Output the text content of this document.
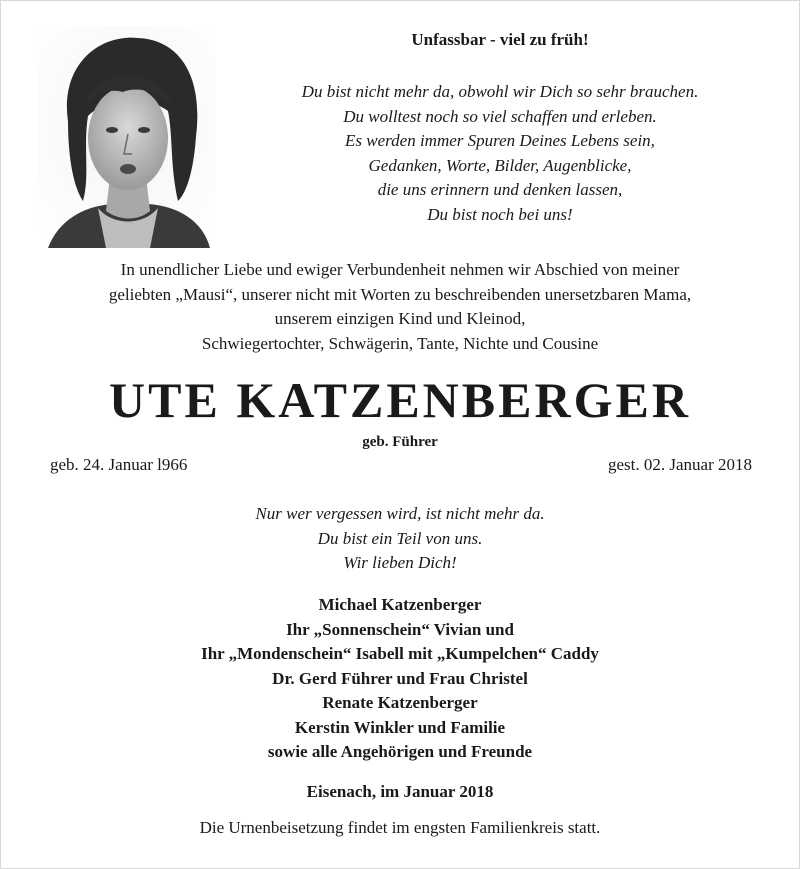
Unfassbar - viel zu früh!
Du bist nicht mehr da, obwohl wir Dich so sehr brauchen.
Du wolltest noch so viel schaffen und erleben.
Es werden immer Spuren Deines Lebens sein,
Gedanken, Worte, Bilder, Augenblicke,
die uns erinnern und denken lassen,
Du bist noch bei uns!
In unendlicher Liebe und ewiger Verbundenheit nehmen wir Abschied von meiner
geliebten „Mausi“, unserer nicht mit Worten zu beschreibenden unersetzbaren Mama,
unserem einzigen Kind und Kleinod,
Schwiegertochter, Schwägerin, Tante, Nichte und Cousine
UTE KATZENBERGER
geb. Führer
geb. 24. Januar l966	gest. 02. Januar 2018
Nur wer vergessen wird, ist nicht mehr da.
Du bist ein Teil von uns.
Wir lieben Dich!
Michael Katzenberger
Ihr „Sonnenschein“ Vivian und
Ihr „Mondenschein“ Isabell mit „Kumpelchen“ Caddy
Dr. Gerd Führer und Frau Christel
Renate Katzenberger
Kerstin Winkler und Familie
sowie alle Angehörigen und Freunde
Eisenach, im Januar 2018
Die Urnenbeisetzung findet im engsten Familienkreis statt.
